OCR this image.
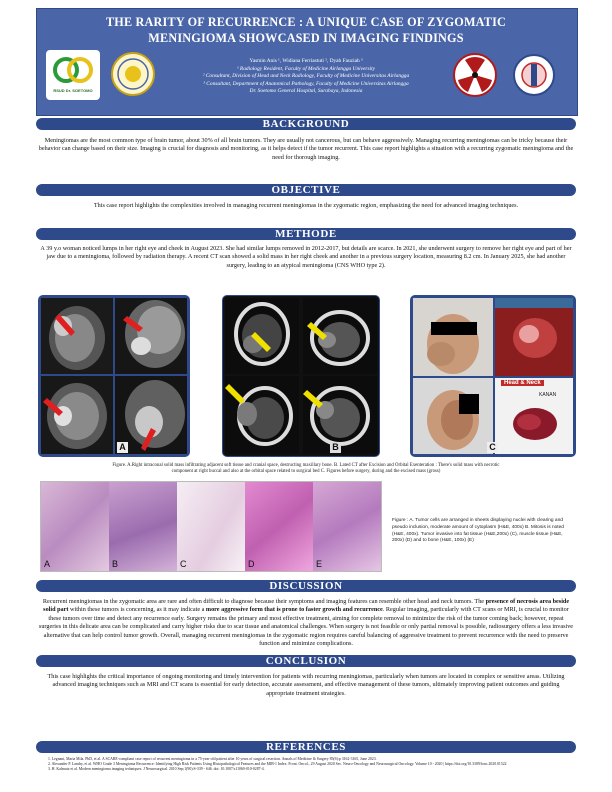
THE RARITY OF RECURRENCE : A UNIQUE CASE OF ZYGOMATIC
MENINGIOMA SHOWCASED IN IMAGING FINDINGS
Yasmin Anis ¹, Widiana Ferriastuti ², Dyah Fauziah ³
¹ Radiology Resident, Faculty of Medicine Airlangga University
² Consultant, Division of Head and Neck Radiology, Faculty of Medicine Universitas Airlangga
³ Consultant, Department of Anatomical Pathology, Faculty of Medicine Universitas Airlangga
Dr. Soetomo General Hospital, Surabaya, Indonesia
RSUD Dr. SOETOMO
BACKGROUND
Meningiomas are the most common type of brain tumor, about 30% of all brain tumors. They are usually not cancerous, but can behave aggressively. Managing recurring meningiomas can be tricky because their behavior can change based on their size. Imaging is crucial for diagnosis and monitoring, as it helps detect if the tumor recurrent. This case report highlights a situation with a recurring zygomatic meningioma and the need for thorough imaging.
OBJECTIVE
This case report highlights the complexities involved in managing recurrent meningiomas in the zygomatic region, emphasizing the need for advanced imaging techniques.
METHODE
A 39 y.o woman noticed lumps in her right eye and cheek in August 2023. She had similar lumps removed in 2012-2017, but details are scarce. In 2021, she underwent surgery to remove her right eye and part of her jaw due to a meningioma, followed by radiation therapy. A recent CT scan showed a solid mass in her right cheek and another in a previous surgery location, measuring 8.2 cm. In January 2025, she had another surgery, leading to an atypical meningioma (CNS WHO type 2).
A
Head & Neck
KANAN
C
B
Figure. A.Right intraconal solid mass infiltrating adjacent soft tissue and cranial space, destructing maxillary bone. B. Lated CT after Excision and Orbital Exenteration : There's solid mass with necrotic
component at right buccal and also at the orbital space related to surgical bed C. Figures before surgery, during and the excised mass (gross)
A	B	C	D	E
Figure : A. Tumor cells are arranged in sheets displaying nuclei with clearing and pseudo inclusion, moderate amount of cytoplasm (H&E, 400x) B. Mitosis is noted (H&E, 400x). Tumor invasive into fat tissue (H&E,200x) (C), muscle tissue (H&E, 200x) (D) and to bone (H&E, 100x) (E)
DISCUSSION
Recurrent meningiomas in the zygomatic area are rare and often difficult to diagnose because their symptoms and imaging features can resemble other head and neck tumors. The presence of necrosis area beside solid part within these tumors is concerning, as it may indicate a more aggressive form that is prone to faster growth and recurrence. Regular imaging, particularly with CT scans or MRI, is crucial to monitor these tumors over time and detect any recurrence early. Surgery remains the primary and most effective treatment, aiming for complete removal to minimize the risk of the tumor coming back; however, repeat surgeries in this delicate area can be complicated and carry higher risks due to scar tissue and anatomical challenges. When surgery is not feasible or only partial removal is possible, radiosurgery offers a less invasive alternative that can help control tumor growth. Overall, managing recurrent meningiomas in the zygomatic region requires careful balancing of aggressive treatment to prevent recurrence with the need to preserve function and minimize complications.
CONCLUSION
This case highlights the critical importance of ongoing monitoring and timely intervention for patients with recurring meningiomas, particularly when tumors are located in complex or sensitive areas. Utilizing advanced imaging techniques such as MRI and CT scans is essential for early detection, accurate assessment, and effective management of these tumors, ultimately improving patient outcomes and guiding appropriate treatment strategies.
REFERENCES
1. Legnani, Maria Mila. PhD, et al. A SCARE-compliant case report of recurrent meningioma in a 75-year-old patient after 10 years of surgical resection. Annals of Medicine & Surgery 85(6):p 3162-3165, June 2023.
2. Alexander P. Landry, et al. WHO Grade 3 Meningioma Recurrence: Identifying High Risk Patients Using Histopathological Features and the MIB-1 Index. Front. Oncol., 29 August 2020 Sec. Neuro-Oncology and Neurosurgical Oncology. Volume 10 - 2020 | https://doi.org/10.3389/fonc.2020.01522
3. H. Kalmutz et al. Modern meningioma imaging techniques. J Neurosurgical. 2010 Sep;1(90):S-339 - S46. doi: 10.1007/s11060-010-0287-4.
